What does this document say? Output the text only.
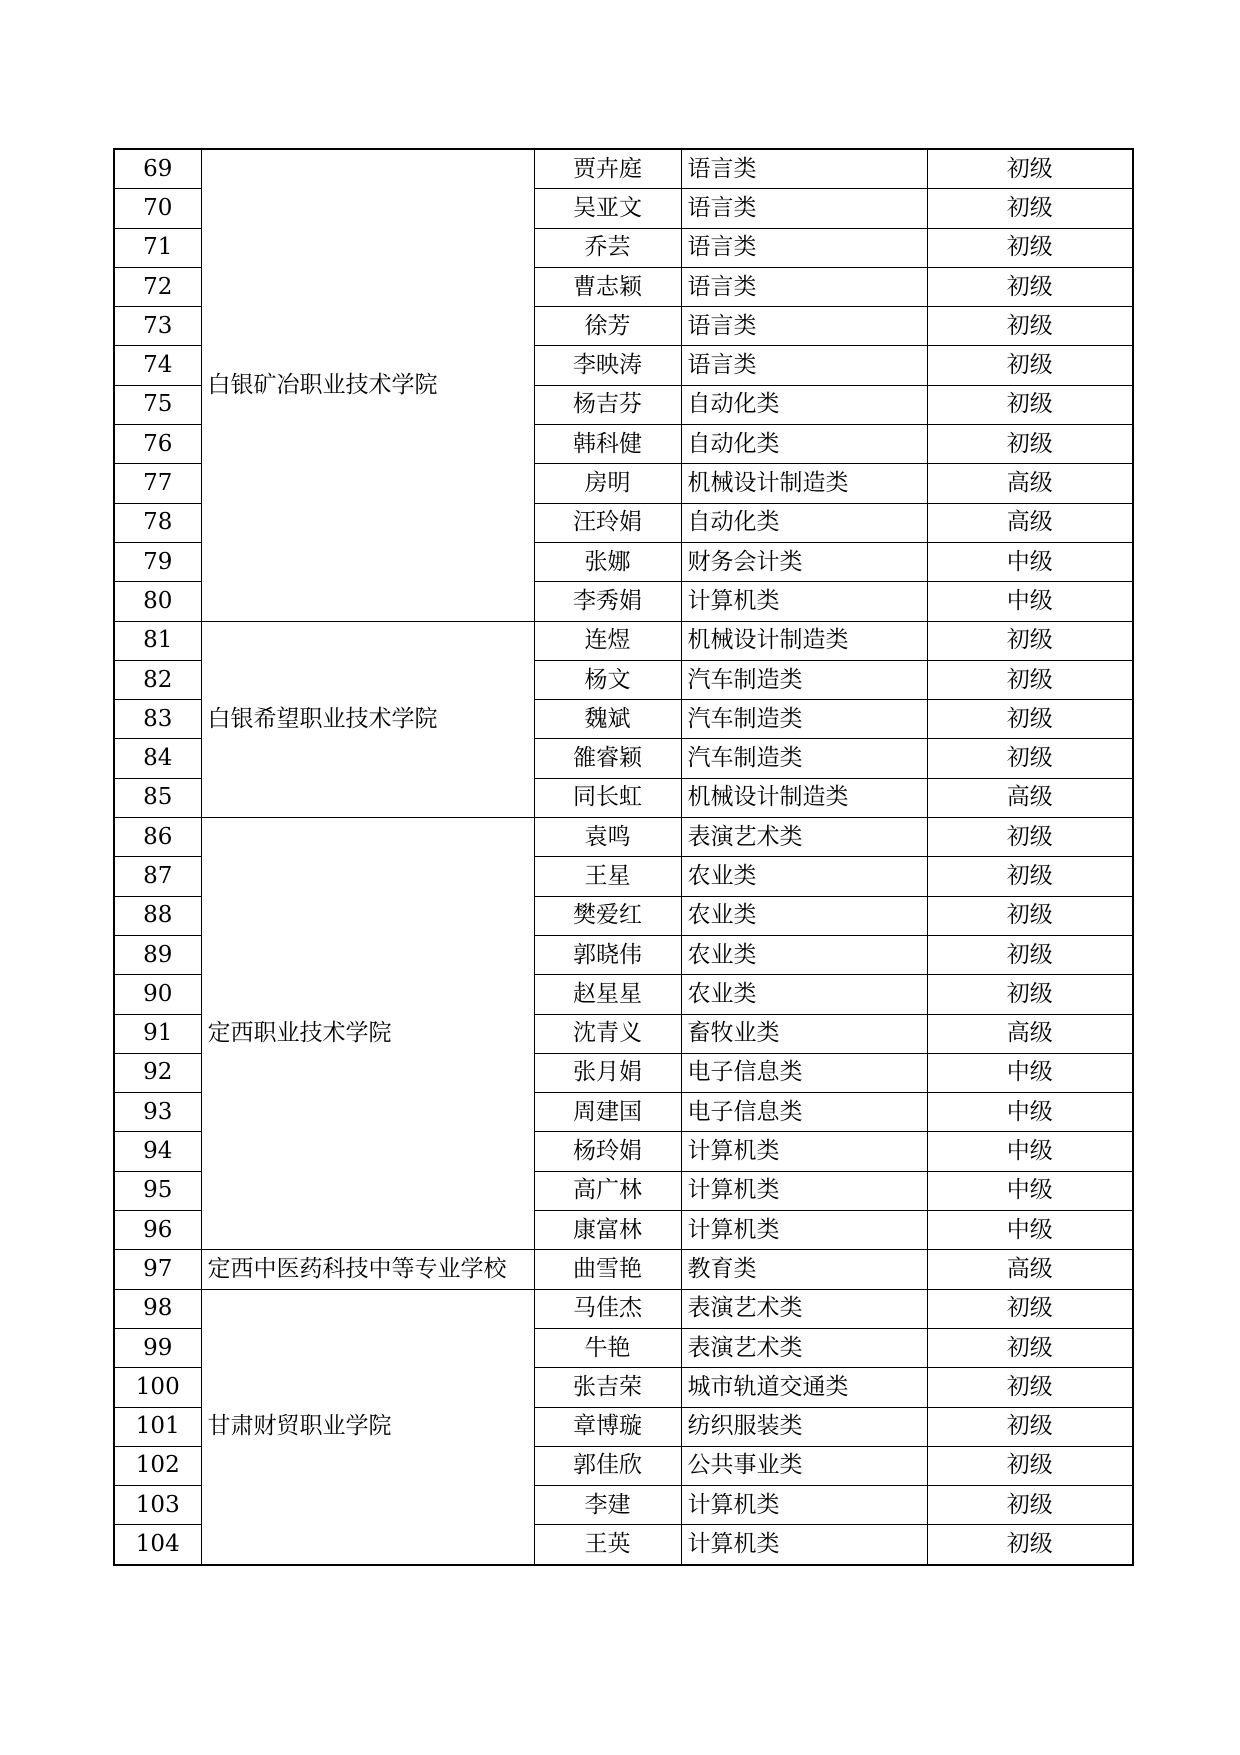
69	白银矿冶职业技术学院	贾卉庭	语言类	初级
70		吴亚文	语言类	初级
71		乔芸	语言类	初级
72		曹志颖	语言类	初级
73		徐芳	语言类	初级
74		李映涛	语言类	初级
75		杨吉芬	自动化类	初级
76		韩科健	自动化类	初级
77		房明	机械设计制造类	高级
78		汪玲娟	自动化类	高级
79		张娜	财务会计类	中级
80		李秀娟	计算机类	中级
81	白银希望职业技术学院	连煜	机械设计制造类	初级
82		杨文	汽车制造类	初级
83		魏斌	汽车制造类	初级
84		雒睿颖	汽车制造类	初级
85		同长虹	机械设计制造类	高级
86	定西职业技术学院	袁鸣	表演艺术类	初级
87		王星	农业类	初级
88		樊爱红	农业类	初级
89		郭晓伟	农业类	初级
90		赵星星	农业类	初级
91		沈青义	畜牧业类	高级
92		张月娟	电子信息类	中级
93		周建国	电子信息类	中级
94		杨玲娟	计算机类	中级
95		高广林	计算机类	中级
96		康富林	计算机类	中级
97	定西中医药科技中等专业学校	曲雪艳	教育类	高级
98	甘肃财贸职业学院	马佳杰	表演艺术类	初级
99		牛艳	表演艺术类	初级
100		张吉荣	城市轨道交通类	初级
101		章博璇	纺织服装类	初级
102		郭佳欣	公共事业类	初级
103		李建	计算机类	初级
104		王英	计算机类	初级
